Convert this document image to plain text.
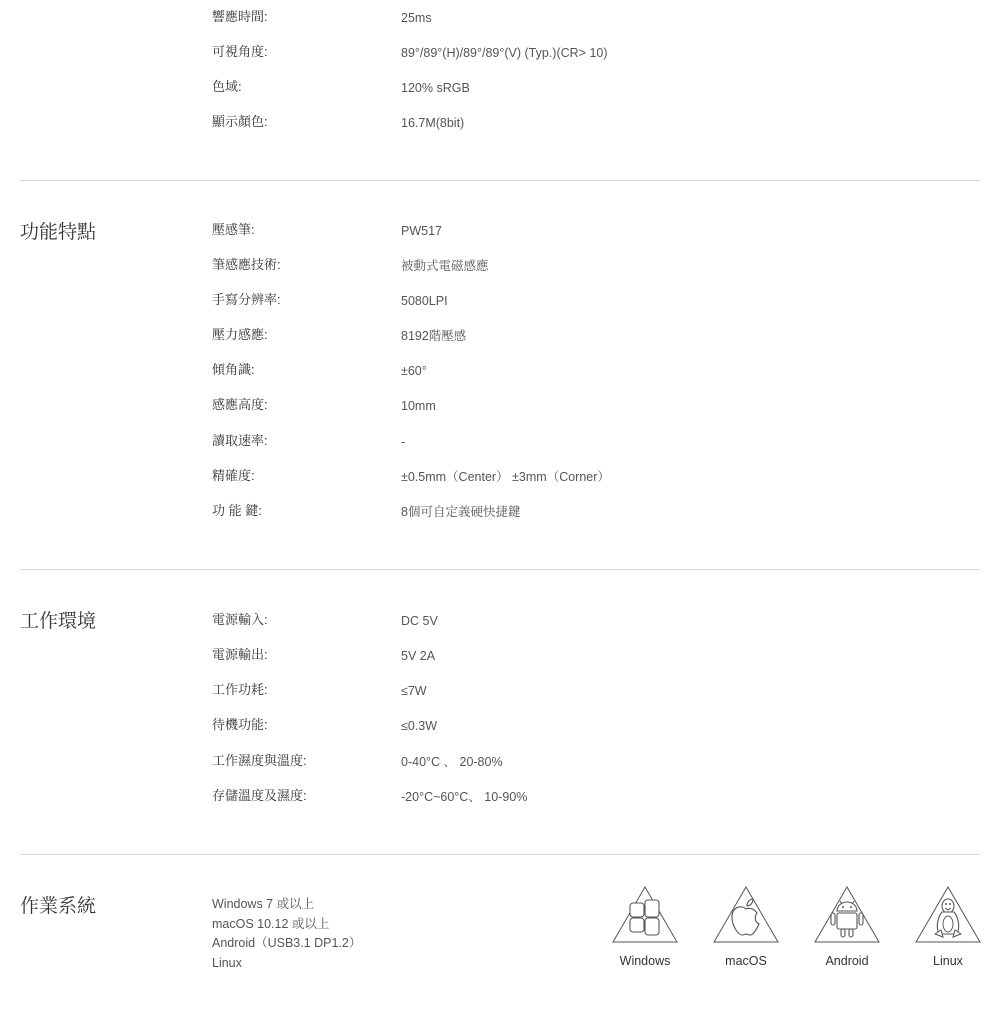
響應時間:	25ms
可視角度:	89°/89°(H)/89°/89°(V) (Typ.)(CR> 10)
色域:	120% sRGB
顯示顏色:	16.7M(8bit)
功能特點	壓感筆:	PW517
筆感應技術:	被動式電磁感應
手寫分辨率:	5080LPI
壓力感應:	8192階壓感
傾角識:	±60°
感應高度:	10mm
讀取速率:	-
精確度:	±0.5mm（Center） ±3mm（Corner）
功 能 鍵:	8個可自定義硬快捷鍵
工作環境	電源輸入:	DC 5V
電源輸出:	5V 2A
工作功耗:	≤7W
待機功能:	≤0.3W
工作濕度與溫度:	0-40°C 、 20-80%
存儲溫度及濕度:	-20°C~60°C、 10-90%
作業系統	Windows 7 或以上
macOS 10.12 或以上
Android（USB3.1 DP1.2）
Linux	Windows	macOS	Android	Linux
